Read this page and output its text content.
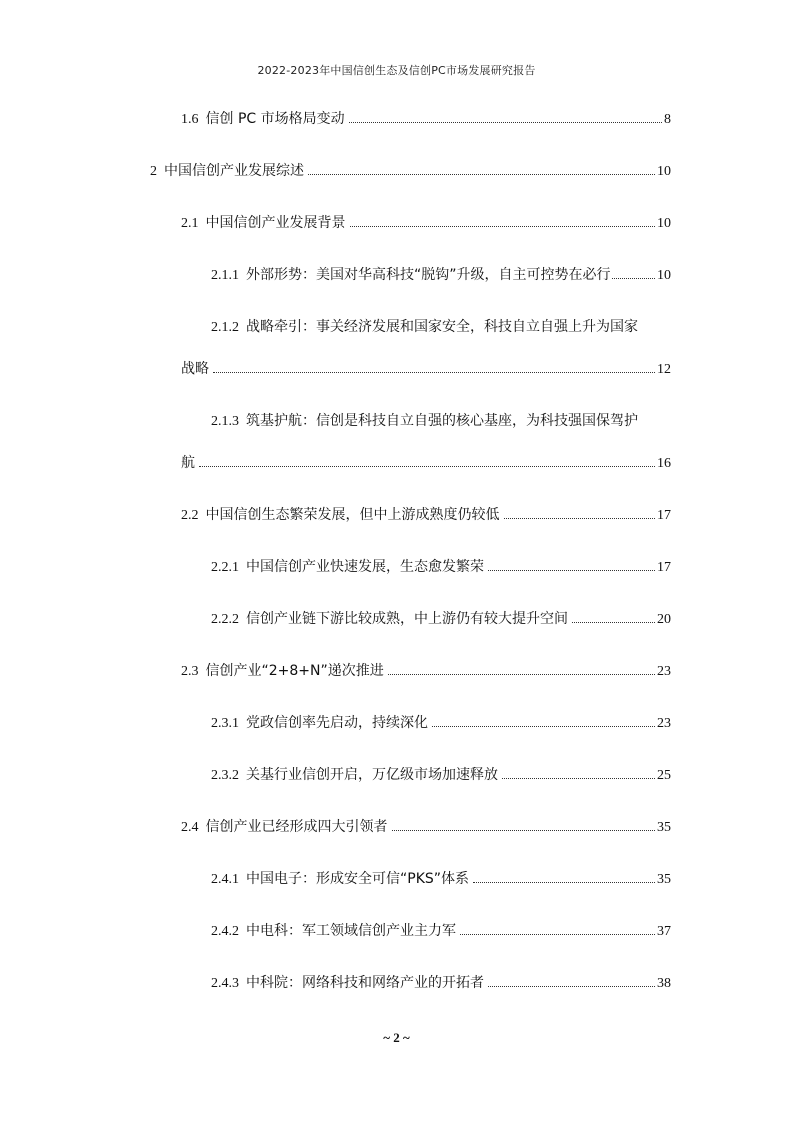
2022-2023年中国信创生态及信创PC市场发展研究报告
1.6 信创 PC 市场格局变动	8
2 中国信创产业发展综述	10
2.1 中国信创产业发展背景	10
2.1.1 外部形势：美国对华高科技“脱钩”升级，自主可控势在必行	10
2.1.2 战略牵引：事关经济发展和国家安全，科技自立自强上升为国家
战略	12
2.1.3 筑基护航：信创是科技自立自强的核心基座，为科技强国保驾护
航	16
2.2 中国信创生态繁荣发展，但中上游成熟度仍较低	17
2.2.1 中国信创产业快速发展，生态愈发繁荣	17
2.2.2 信创产业链下游比较成熟，中上游仍有较大提升空间	20
2.3 信创产业“2+8+N”递次推进	23
2.3.1 党政信创率先启动，持续深化	23
2.3.2 关基行业信创开启，万亿级市场加速释放	25
2.4 信创产业已经形成四大引领者	35
2.4.1 中国电子：形成安全可信“PKS”体系	35
2.4.2 中电科：军工领域信创产业主力军	37
2.4.3 中科院：网络科技和网络产业的开拓者	38
~ 2 ~
